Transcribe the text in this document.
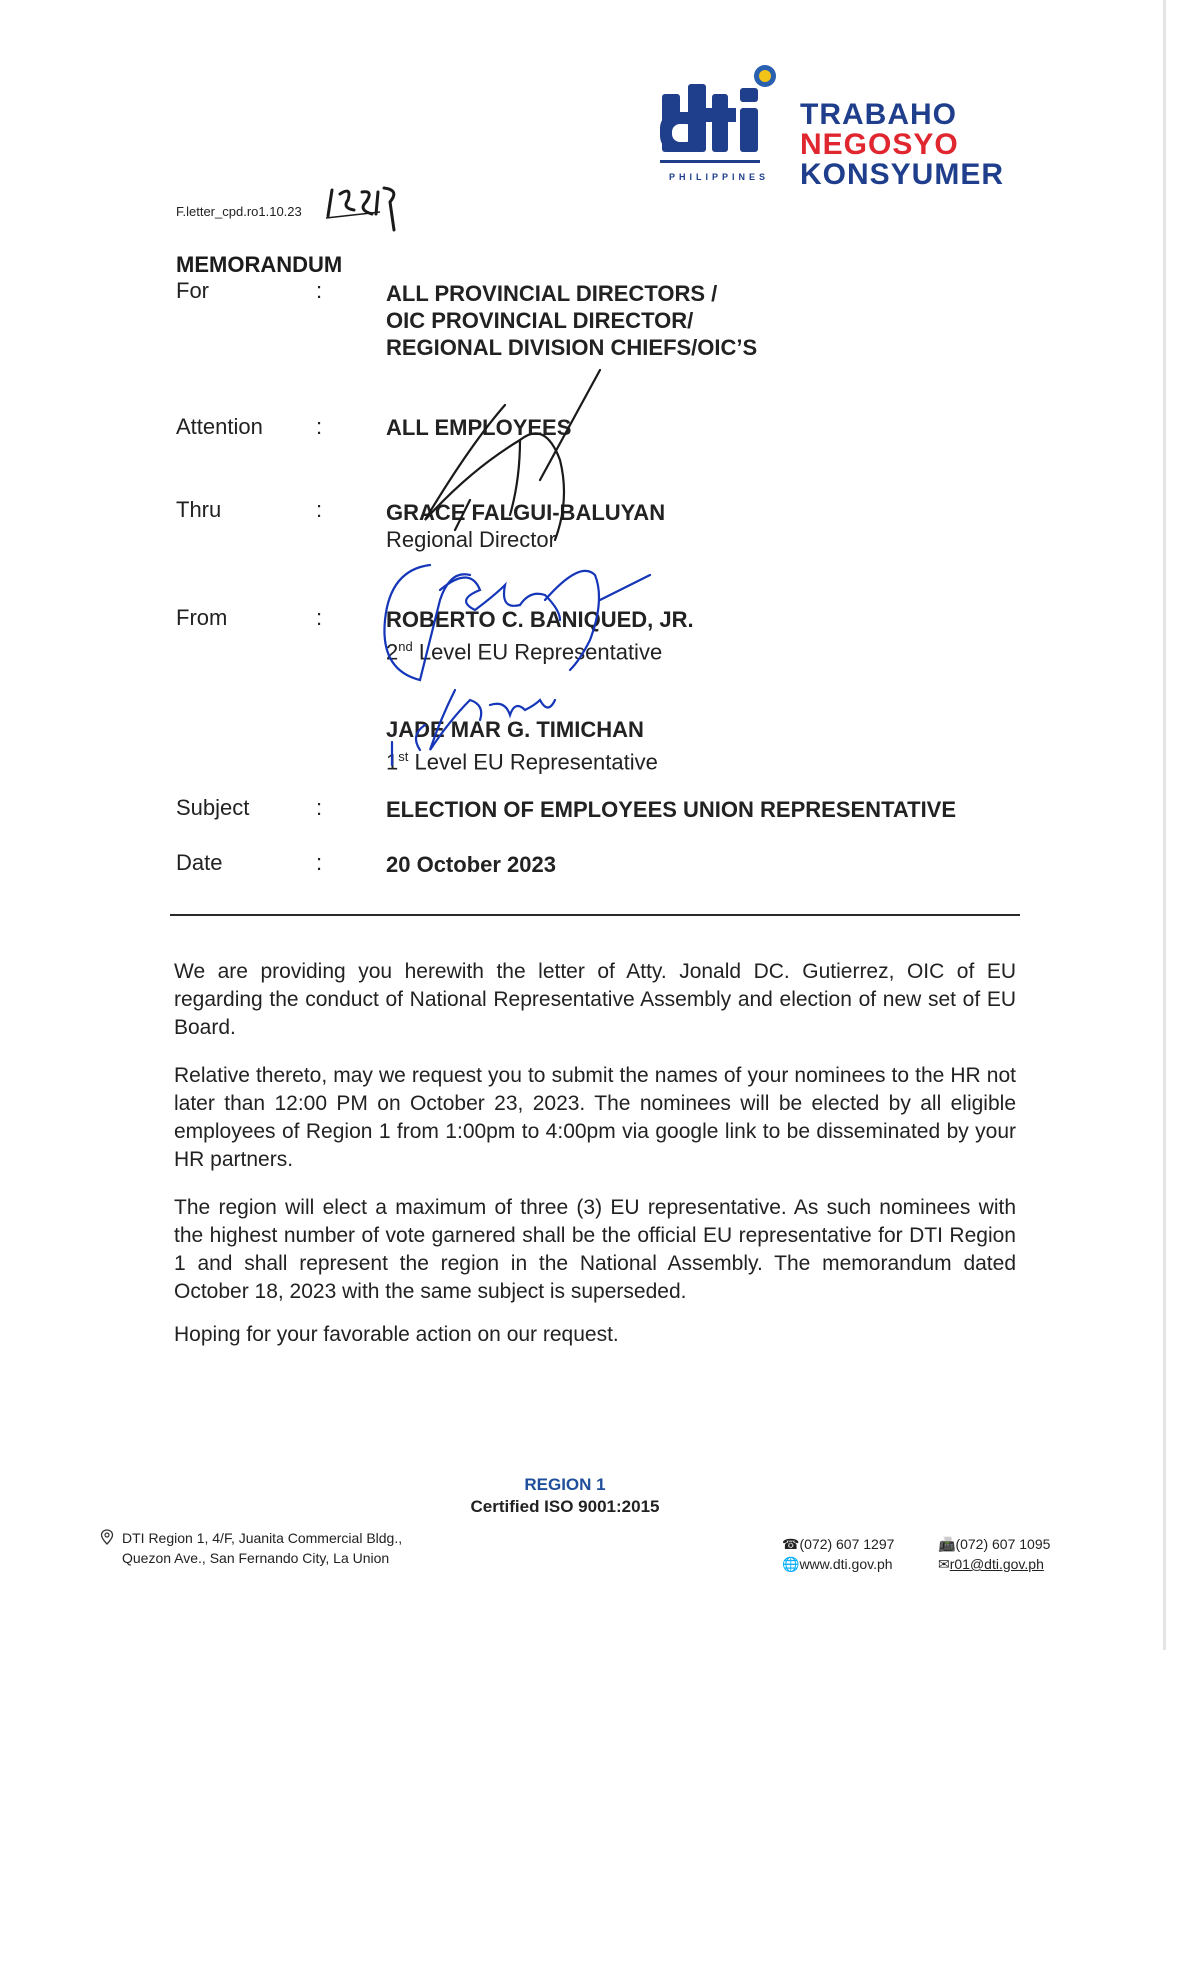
PHILIPPINES
TRABAHO
NEGOSYO
KONSYUMER
F.letter_cpd.ro1.10.23
MEMORANDUM
For	:	ALL PROVINCIAL DIRECTORS /
OIC PROVINCIAL DIRECTOR/
REGIONAL DIVISION CHIEFS/OIC’S
Attention :	ALL EMPLOYEES
Thru	:	GRACE FALGUI-BALUYAN
Regional Director
From	:	ROBERTO C. BANIQUED, JR.
2nd Level EU Representative
JADE MAR G. TIMICHAN
1st Level EU Representative
Subject	:	ELECTION OF EMPLOYEES UNION REPRESENTATIVE
Date	:	20 October 2023
We are providing you herewith the letter of Atty. Jonald DC. Gutierrez, OIC of EU regarding the conduct of National Representative Assembly and election of new set of EU Board.
Relative thereto, may we request you to submit the names of your nominees to the HR not later than 12:00 PM on October 23, 2023. The nominees will be elected by all eligible employees of Region 1 from 1:00pm to 4:00pm via google link to be disseminated by your HR partners.
The region will elect a maximum of three (3) EU representative. As such nominees with the highest number of vote garnered shall be the official EU representative for DTI Region 1 and shall represent the region in the National Assembly. The memorandum dated October 18, 2023 with the same subject is superseded.
Hoping for your favorable action on our request.
REGION 1
Certified ISO 9001:2015
DTI Region 1, 4/F, Juanita Commercial Bldg.,
Quezon Ave., San Fernando City, La Union
☎(072) 607 1297
🌐www.dti.gov.ph
📠(072) 607 1095
✉r01@dti.gov.ph
